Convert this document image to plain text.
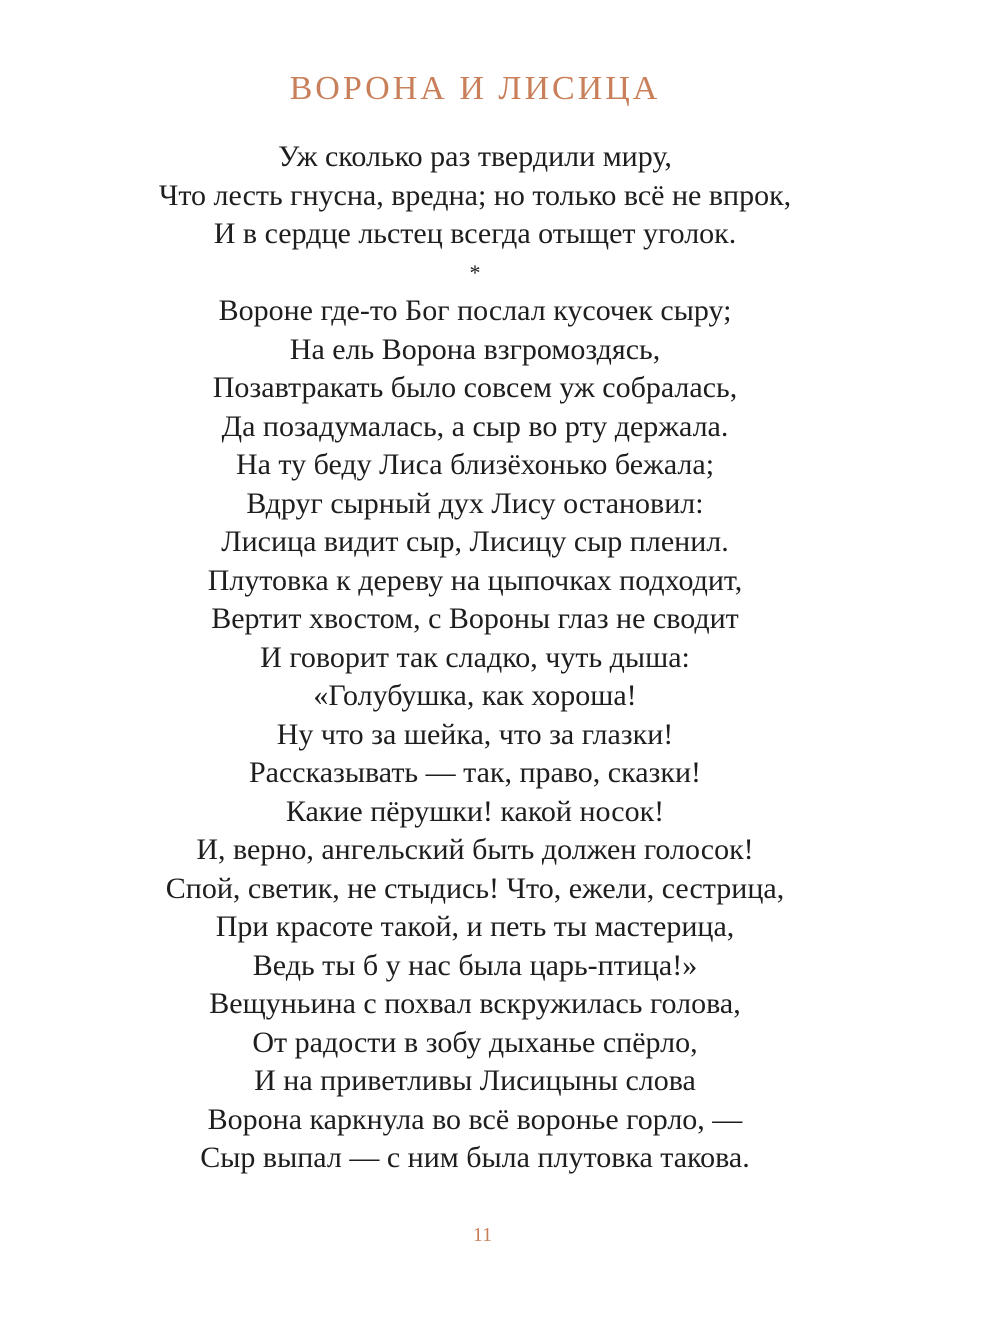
ВОРОНА И ЛИСИЦА
Уж сколько раз твердили миру,
Что лесть гнусна, вредна; но только всё не впрок,
И в сердце льстец всегда отыщет уголок.
*
Вороне где-то Бог послал кусочек сыру;
На ель Ворона взгромоздясь,
Позавтракать было совсем уж собралась,
Да позадумалась, а сыр во рту держала.
На ту беду Лиса близёхонько бежала;
Вдруг сырный дух Лису остановил:
Лисица видит сыр, Лисицу сыр пленил.
Плутовка к дереву на цыпочках подходит,
Вертит хвостом, с Вороны глаз не сводит
И говорит так сладко, чуть дыша:
«Голубушка, как хороша!
Ну что за шейка, что за глазки!
Рассказывать — так, право, сказки!
Какие пёрушки! какой носок!
И, верно, ангельский быть должен голосок!
Спой, светик, не стыдись! Что, ежели, сестрица,
При красоте такой, и петь ты мастерица,
Ведь ты б у нас была царь-птица!»
Вещуньина с похвал вскружилась голова,
От радости в зобу дыханье спёрло,
И на приветливы Лисицыны слова
Ворона каркнула во всё воронье горло, —
Сыр выпал — с ним была плутовка такова.
11
